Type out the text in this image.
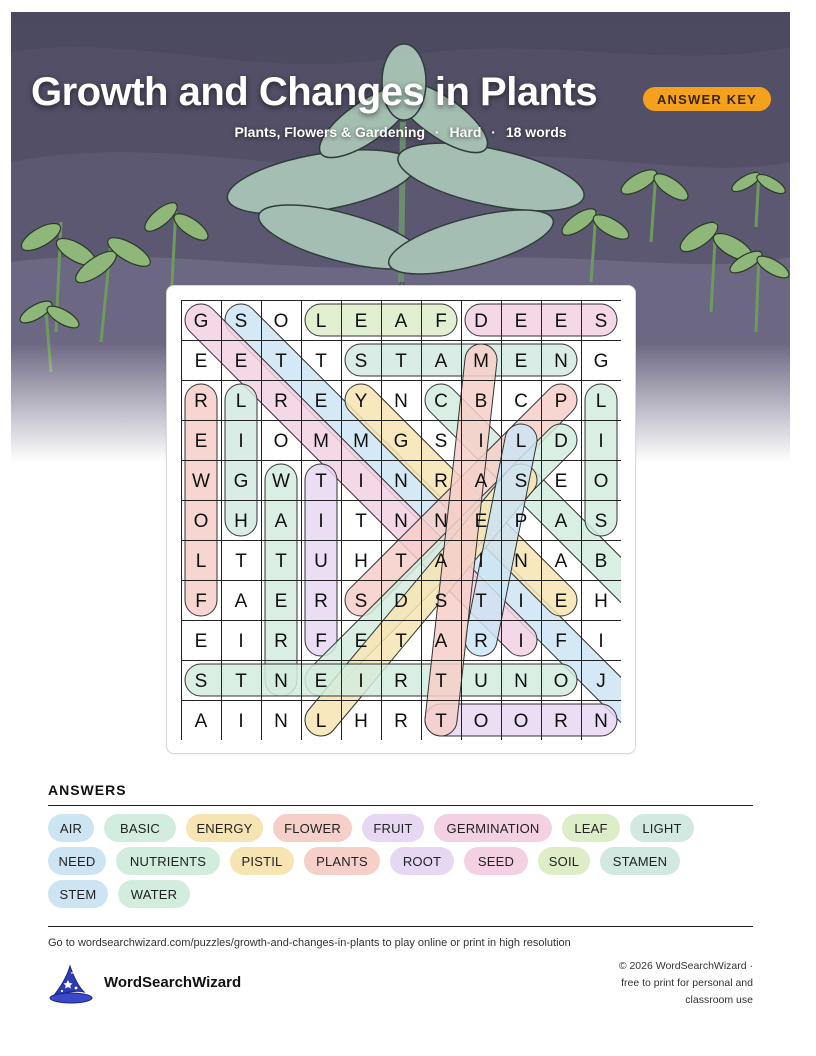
Growth and Changes in Plants	ANSWER KEY
Plants, Flowers & Gardening · Hard · 18 words
G S O L E A F D E E S
E E T T S T A M E N G
R L R E Y N C B C P L
E I O M M G S I L D I
W G W T I N R A S E O
O H A I T N N E P A S
L T T U H T A I N A B
F A E R S D S T I E H
E I R F E T A R I F I
S T N E I R T U N O J
A I N L H R T O O R N
ANSWERS
AIR	BASIC	ENERGY	FLOWER	FRUIT	GERMINATION	LEAF	LIGHT
NEED	NUTRIENTS	PISTIL	PLANTS	ROOT	SEED	SOIL	STAMEN
STEM	WATER
Go to wordsearchwizard.com/puzzles/growth-and-changes-in-plants to play online or print in high resolution
WordSearchWizard
© 2026 WordSearchWizard ·
free to print for personal and
classroom use
